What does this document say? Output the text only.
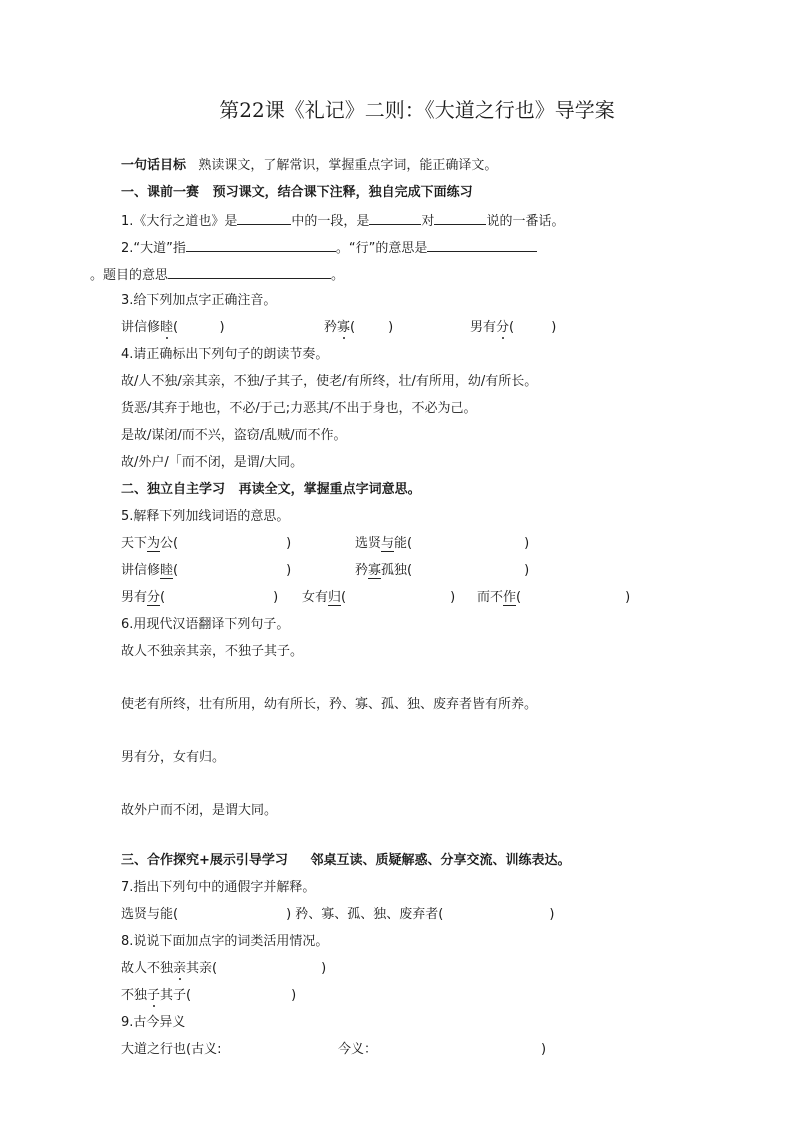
第22课《礼记》二则：《大道之行也》导学案
一句话目标 熟读课文，了解常识，掌握重点字词，能正确译文。
一、课前一赛 预习课文，结合课下注释，独自完成下面练习
1.《大行之道也》是	中的一段，是	对	说的一番话。
2.“大道”指	。“行”的意思是
。题目的意思	。
3.给下列加点字正确注音。
讲信修睦(          )	矜寡(        )	男有分(         )
4.请正确标出下列句子的朗读节奏。
故/人不独/亲其亲，不独/子其子，使老/有所终，壮/有所用，幼/有所长。
货恶/其弃于地也，不必/于己;力恶其/不出于身也，不必为己。
是故/谋闭/而不兴，盗窃/乱贼/而不作。
故/外户/「而不闭，是谓/大同。
二、独立自主学习 再读全文，掌握重点字词意思。
5.解释下列加线词语的意思。
天下为公(	)	选贤与能(	)
讲信修睦(	)	矜寡孤独(	)
男有分(	) 女有归(	) 而不作(	)
6.用现代汉语翻译下列句子。
故人不独亲其亲，不独子其子。
使老有所终，壮有所用，幼有所长，矜、寡、孤、独、废弃者皆有所养。
男有分，女有归。
故外户而不闭，是谓大同。
三、合作探究+展示引导学习 邻桌互读、质疑解惑、分享交流、训练表达。
7.指出下列句中的通假字并解释。
选贤与能(	) 矜、寡、孤、独、废弃者(	)
8.说说下面加点字的词类活用情况。
故人不独亲其亲(	)
不独子其子(	)
9.古今异义
大道之行也(古义:	今义：	)
